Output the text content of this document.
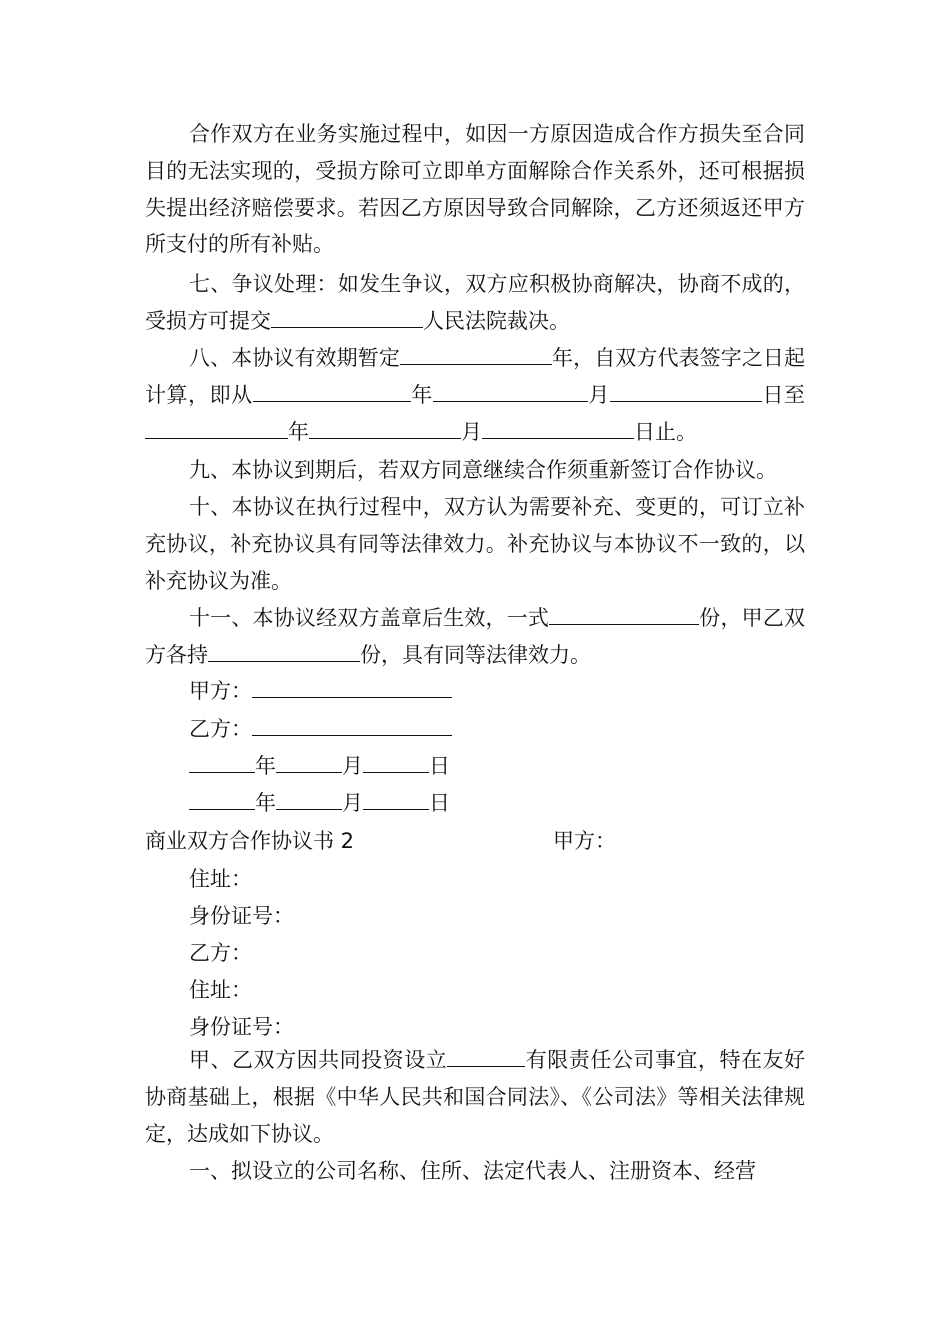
合作双方在业务实施过程中，如因一方原因造成合作方损失至合同目的无法实现的，受损方除可立即单方面解除合作关系外，还可根据损失提出经济赔偿要求。若因乙方原因导致合同解除，乙方还须返还甲方所支付的所有补贴。

七、争议处理：如发生争议，双方应积极协商解决，协商不成的，受损方可提交	人民法院裁决。

八、本协议有效期暂定	年，自双方代表签字之日起计算，即从	年	月	日至年	月	日止。

九、本协议到期后，若双方同意继续合作须重新签订合作协议。

十、本协议在执行过程中，双方认为需要补充、变更的，可订立补充协议，补充协议具有同等法律效力。补充协议与本协议不一致的，以补充协议为准。

十一、本协议经双方盖章后生效，一式	份，甲乙双方各持	份，具有同等法律效力。

甲方：
乙方：
年	月	日
年	月	日
商业双方合作协议书 2	甲方：
住址：
身份证号：
乙方：
住址：
身份证号：

甲、乙双方因共同投资设立	有限责任公司事宜，特在友好协商基础上，根据《中华人民共和国合同法》、《公司法》等相关法律规定，达成如下协议。

一、拟设立的公司名称、住所、法定代表人、注册资本、经营
